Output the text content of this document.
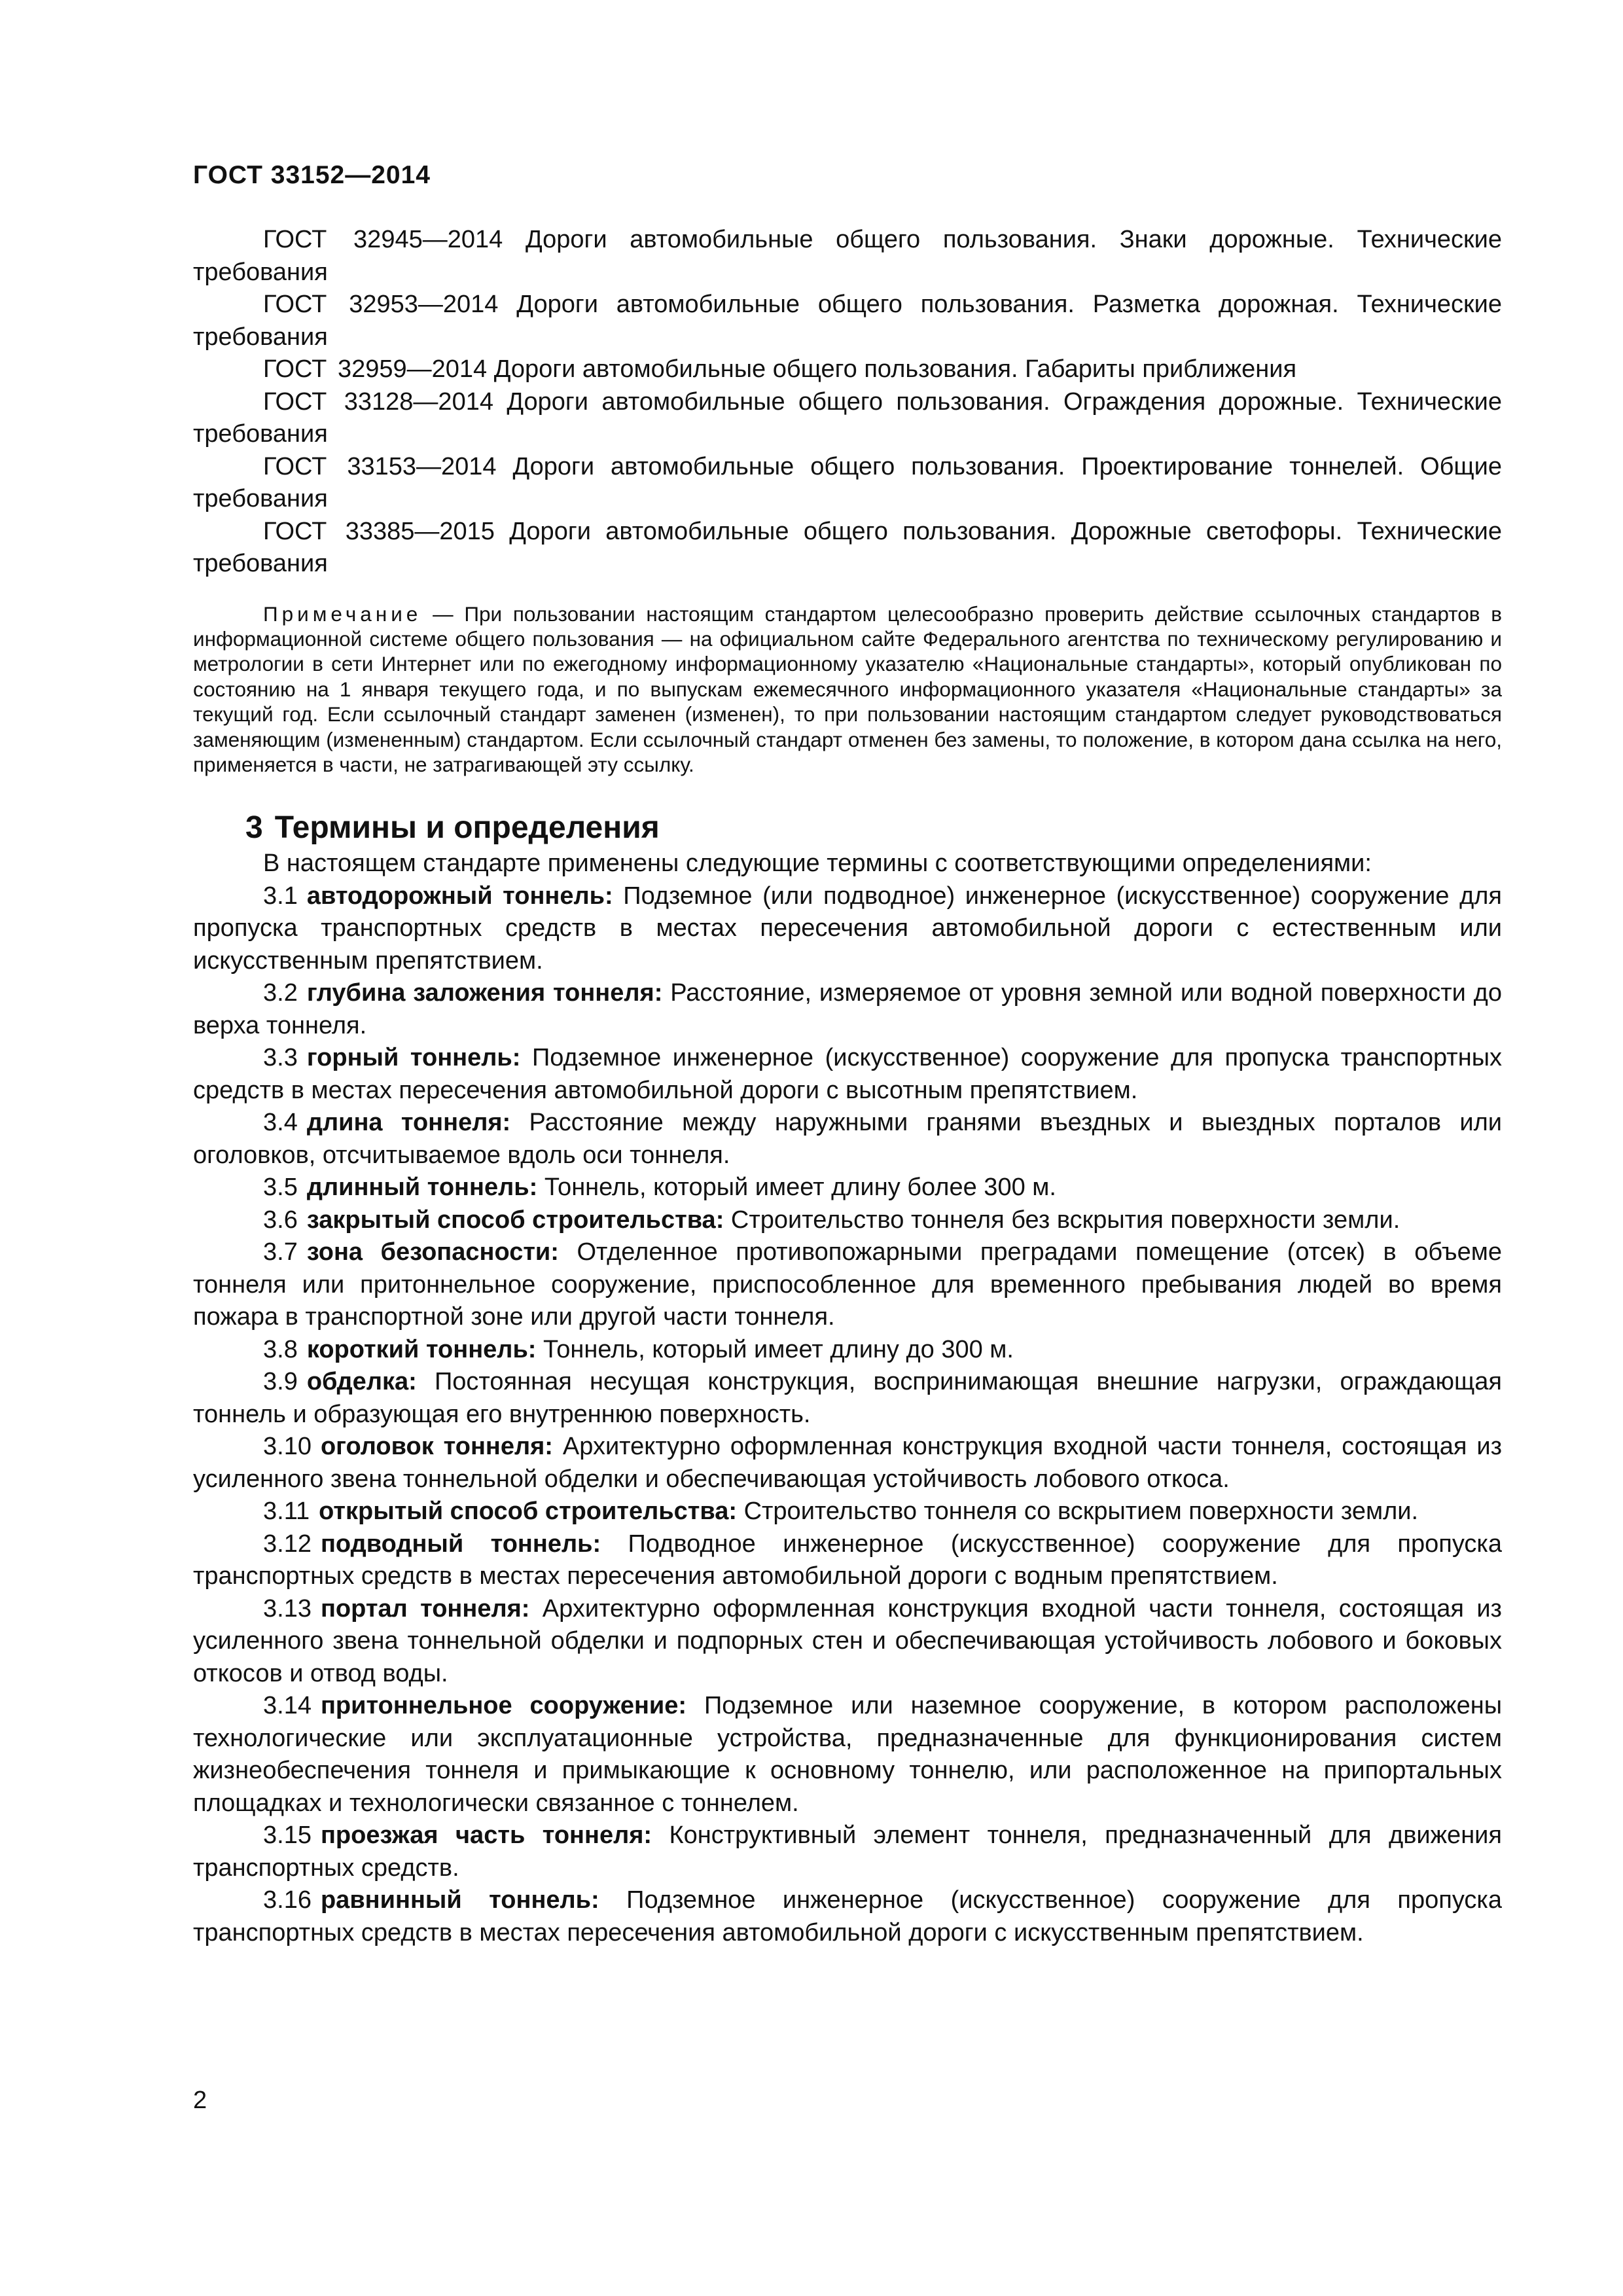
ГОСТ 33152—2014

ГОСТ 32945—2014 Дороги автомобильные общего пользования. Знаки дорожные. Технические требования

ГОСТ 32953—2014 Дороги автомобильные общего пользования. Разметка дорожная. Технические требования

ГОСТ 32959—2014 Дороги автомобильные общего пользования. Габариты приближения

ГОСТ 33128—2014 Дороги автомобильные общего пользования. Ограждения дорожные. Технические требования

ГОСТ 33153—2014 Дороги автомобильные общего пользования. Проектирование тоннелей. Общие требования

ГОСТ 33385—2015 Дороги автомобильные общего пользования. Дорожные светофоры. Технические требования

Примечание — При пользовании настоящим стандартом целесообразно проверить действие ссылочных стандартов в информационной системе общего пользования — на официальном сайте Федерального агентства по техническому регулированию и метрологии в сети Интернет или по ежегодному информационному указателю «Национальные стандарты», который опубликован по состоянию на 1 января текущего года, и по выпускам ежемесячного информационного указателя «Национальные стандарты» за текущий год. Если ссылочный стандарт заменен (изменен), то при пользовании настоящим стандартом следует руководствоваться заменяющим (измененным) стандартом. Если ссылочный стандарт отменен без замены, то положение, в котором дана ссылка на него, применяется в части, не затрагивающей эту ссылку.
3 Термины и определения

В настоящем стандарте применены следующие термины с соответствующими определениями:

3.1 автодорожный тоннель: Подземное (или подводное) инженерное (искусственное) сооружение для пропуска транспортных средств в местах пересечения автомобильной дороги с естественным или искусственным препятствием.

3.2 глубина заложения тоннеля: Расстояние, измеряемое от уровня земной или водной поверхности до верха тоннеля.

3.3 горный тоннель: Подземное инженерное (искусственное) сооружение для пропуска транспортных средств в местах пересечения автомобильной дороги с высотным препятствием.

3.4 длина тоннеля: Расстояние между наружными гранями въездных и выездных порталов или оголовков, отсчитываемое вдоль оси тоннеля.

3.5 длинный тоннель: Тоннель, который имеет длину более 300 м.

3.6 закрытый способ строительства: Строительство тоннеля без вскрытия поверхности земли.

3.7 зона безопасности: Отделенное противопожарными преградами помещение (отсек) в объеме тоннеля или притоннельное сооружение, приспособленное для временного пребывания людей во время пожара в транспортной зоне или другой части тоннеля.

3.8 короткий тоннель: Тоннель, который имеет длину до 300 м.

3.9 обделка: Постоянная несущая конструкция, воспринимающая внешние нагрузки, ограждающая тоннель и образующая его внутреннюю поверхность.

3.10 оголовок тоннеля: Архитектурно оформленная конструкция входной части тоннеля, состоящая из усиленного звена тоннельной обделки и обеспечивающая устойчивость лобового откоса.

3.11 открытый способ строительства: Строительство тоннеля со вскрытием поверхности земли.

3.12 подводный тоннель: Подводное инженерное (искусственное) сооружение для пропуска транспортных средств в местах пересечения автомобильной дороги с водным препятствием.

3.13 портал тоннеля: Архитектурно оформленная конструкция входной части тоннеля, состоящая из усиленного звена тоннельной обделки и подпорных стен и обеспечивающая устойчивость лобового и боковых откосов и отвод воды.

3.14 притоннельное сооружение: Подземное или наземное сооружение, в котором расположены технологические или эксплуатационные устройства, предназначенные для функционирования систем жизнеобеспечения тоннеля и примыкающие к основному тоннелю, или расположенное на припортальных площадках и технологически связанное с тоннелем.

3.15 проезжая часть тоннеля: Конструктивный элемент тоннеля, предназначенный для движения транспортных средств.

3.16 равнинный тоннель: Подземное инженерное (искусственное) сооружение для пропуска транспортных средств в местах пересечения автомобильной дороги с искусственным препятствием.

2
